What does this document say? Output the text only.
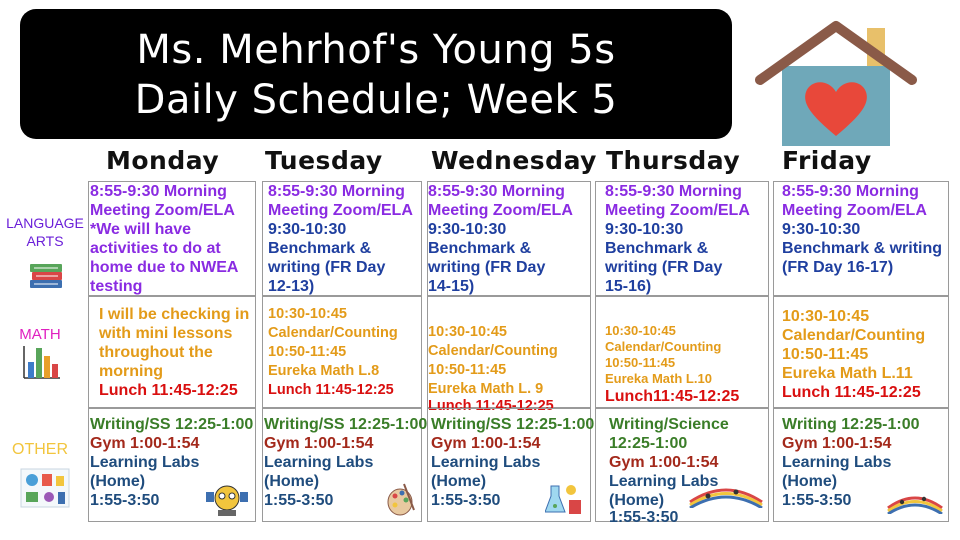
Ms. Mehrhof's Young 5s
Daily Schedule; Week 5
Monday Tuesday Wednesday Thursday Friday
LANGUAGE ARTS
MATH
OTHER
8:55-9:30 Morning
Meeting Zoom/ELA
*We will have
activities to do at
home due to NWEA
testing
I will be checking in
with mini lessons
throughout the
morning
Lunch 11:45-12:25
Writing/SS 12:25-1:00
Gym 1:00-1:54
Learning Labs
(Home)
1:55-3:50
8:55-9:30 Morning
Meeting Zoom/ELA
9:30-10:30
Benchmark &
writing (FR Day
12-13)
10:30-10:45
Calendar/Counting
10:50-11:45
Eureka Math L.8
Lunch 11:45-12:25
Writing/SS 12:25-1:00
Gym 1:00-1:54
Learning Labs
(Home)
1:55-3:50
8:55-9:30 Morning
Meeting Zoom/ELA
9:30-10:30
Benchmark &
writing (FR Day
14-15)
10:30-10:45
Calendar/Counting
10:50-11:45
Eureka Math L. 9
Lunch 11:45-12:25
Writing/SS 12:25-1:00
Gym 1:00-1:54
Learning Labs
(Home)
1:55-3:50
8:55-9:30 Morning
Meeting Zoom/ELA
9:30-10:30
Benchmark &
writing (FR Day
15-16)
10:30-10:45
Calendar/Counting
10:50-11:45
Eureka Math L.10
Lunch11:45-12:25
Writing/Science
12:25-1:00
Gym 1:00-1:54
Learning Labs
(Home)
1:55-3:50
8:55-9:30 Morning
Meeting Zoom/ELA
9:30-10:30
Benchmark & writing
(FR Day 16-17)
10:30-10:45
Calendar/Counting
10:50-11:45
Eureka Math L.11
Lunch 11:45-12:25
Writing 12:25-1:00
Gym 1:00-1:54
Learning Labs
(Home)
1:55-3:50
